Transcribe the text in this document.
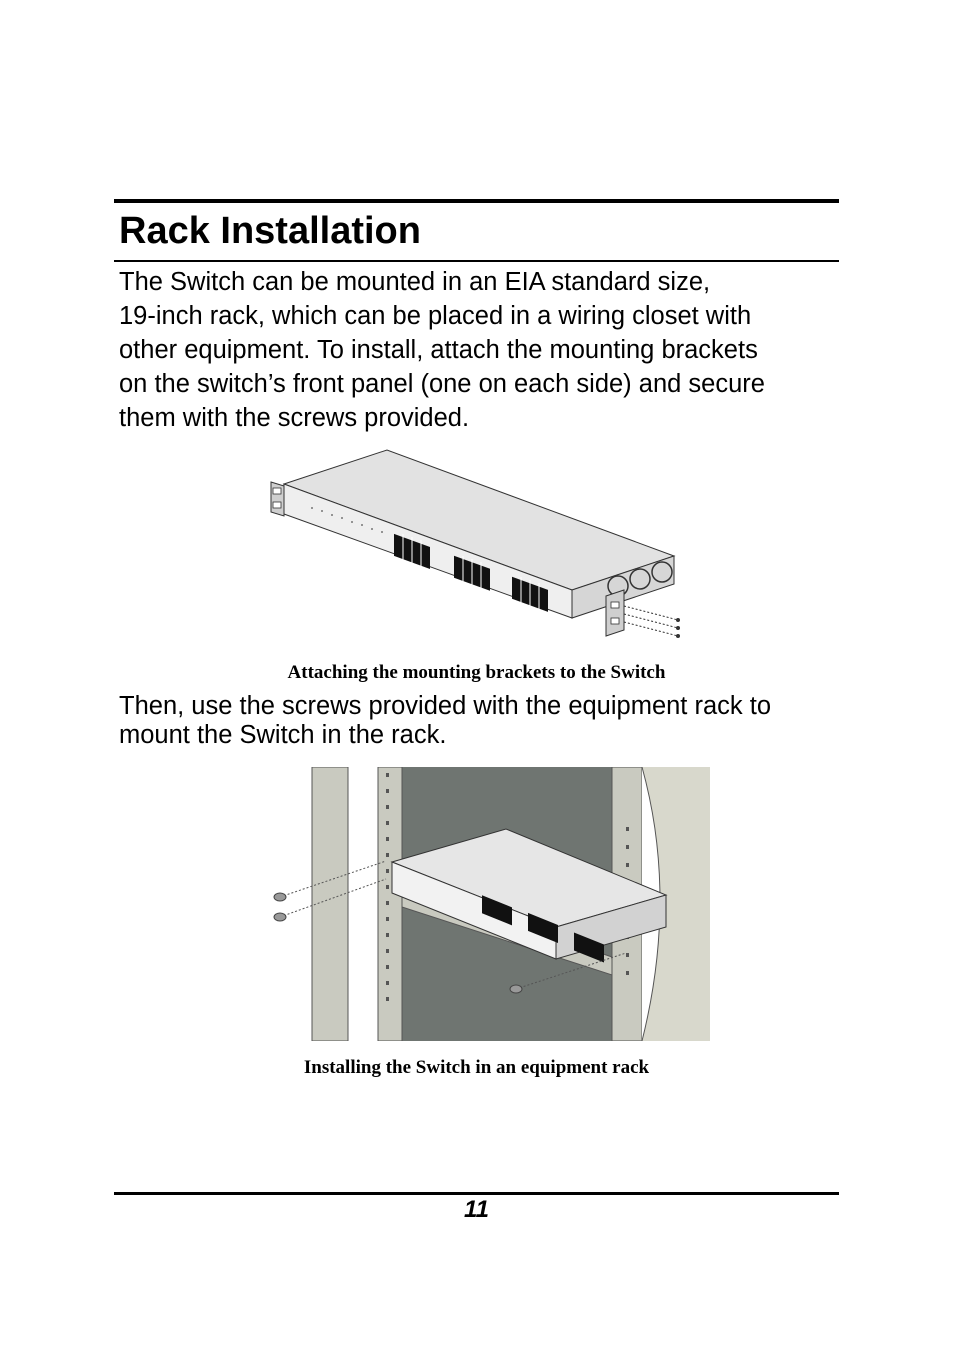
Rack Installation

The Switch can be mounted in an EIA standard size,
19-inch rack, which can be placed in a wiring closet with
other equipment. To install, attach the mounting brackets
on the switch’s front panel (one on each side) and secure
them with the screws provided.

Attaching the mounting brackets to the Switch

Then, use the screws provided with the equipment rack to
mount the Switch in the rack.

Installing the Switch in an equipment rack

11
